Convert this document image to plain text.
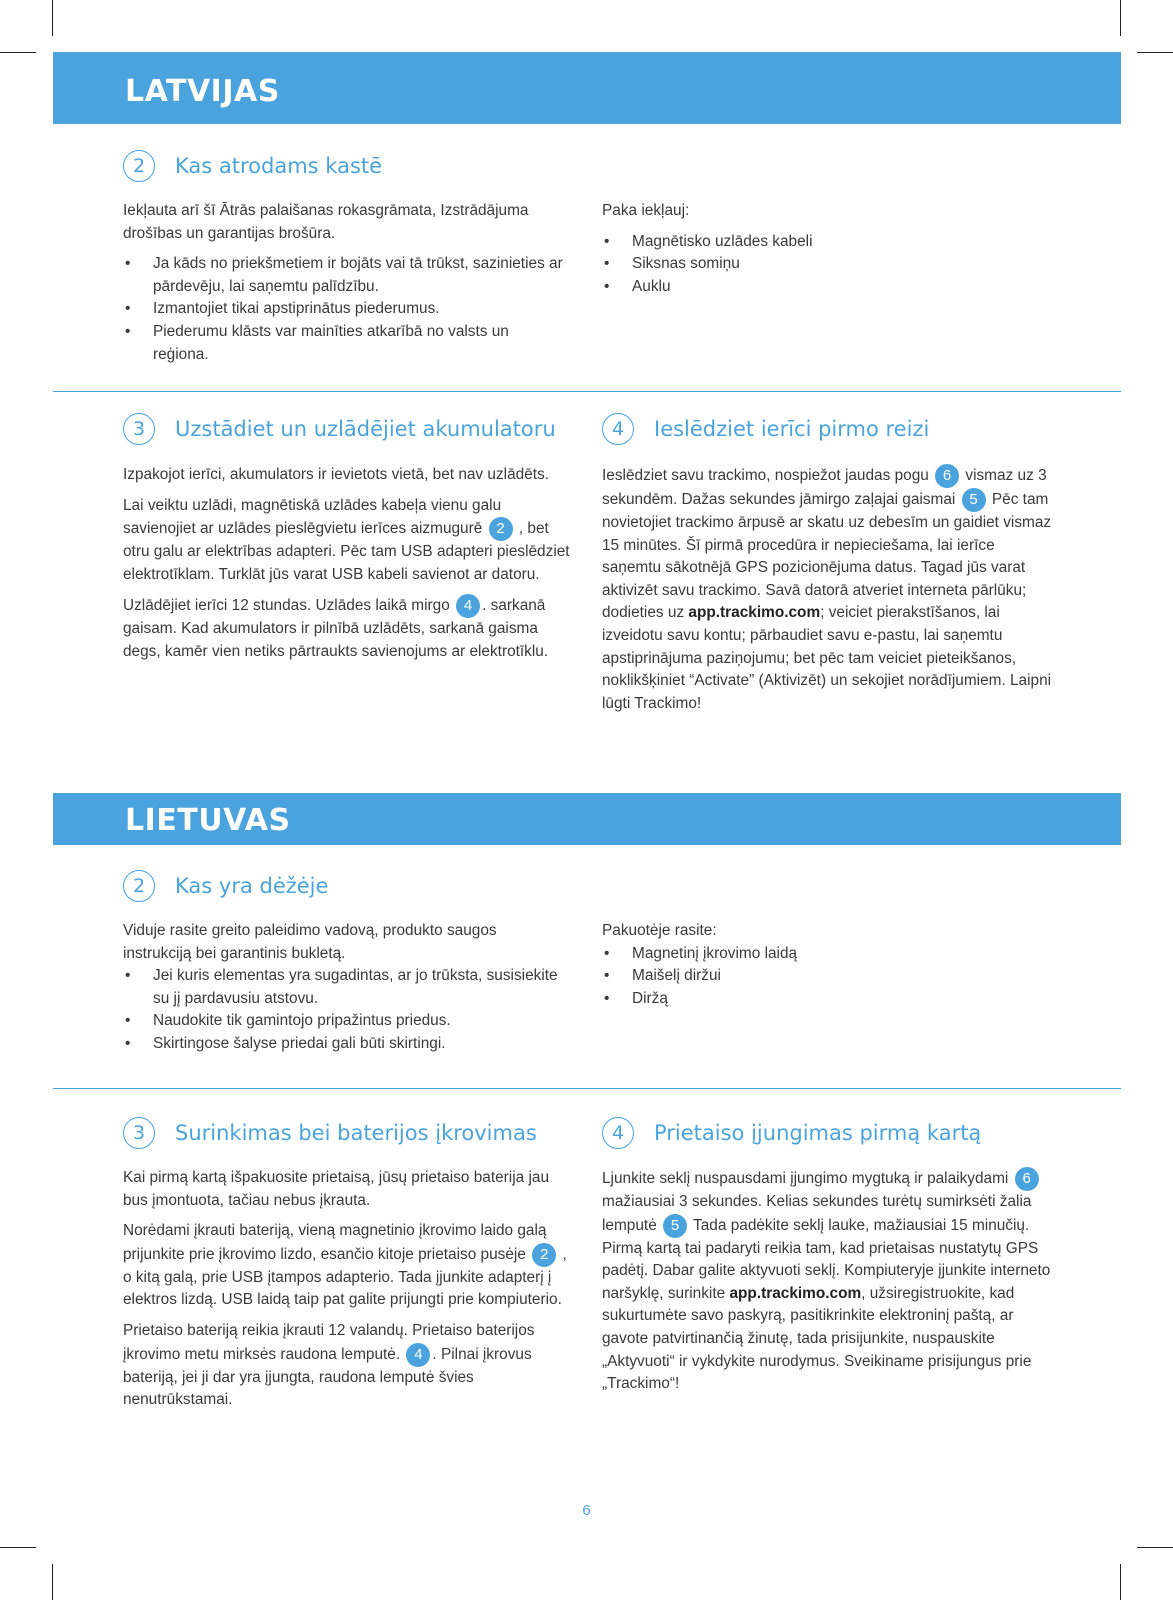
LATVIJAS
2 Kas atrodams kastē

Iekļauta arī šī Ātrās palaišanas rokasgrāmata, Izstrādājuma drošības un garantijas brošūra.

• Ja kāds no priekšmetiem ir bojāts vai tā trūkst, sazinieties ar pārdevēju, lai saņemtu palīdzību.
• Izmantojiet tikai apstiprinātus piederumus.
• Piederumu klāsts var mainīties atkarībā no valsts un reģiona.

Paka iekļauj:

• Magnētisko uzlādes kabeli
• Siksnas somiņu
• Auklu
3 Uzstādiet un uzlādējiet akumulatoru

Izpakojot ierīci, akumulators ir ievietots vietā, bet nav uzlādēts.

Lai veiktu uzlādi, magnētiskā uzlādes kabeļa vienu galu savienojiet ar uzlādes pieslēgvietu ierīces aizmugurē 2 , bet otru galu ar elektrības adapteri. Pēc tam USB adapteri pieslēdziet elektrotīklam. Turklāt jūs varat USB kabeli savienot ar datoru.

Uzlādējiet ierīci 12 stundas. Uzlādes laikā mirgo 4 . sarkanā gaisam. Kad akumulators ir pilnībā uzlādēts, sarkanā gaisma degs, kamēr vien netiks pārtraukts savienojums ar elektrotīklu.

4 Ieslēdziet ierīci pirmo reizi

Ieslēdziet savu trackimo, nospiežot jaudas pogu 6 vismaz uz 3 sekundēm. Dažas sekundes jāmirgo zaļajai gaismai 5 Pēc tam novietojiet trackimo ārpusē ar skatu uz debesīm un gaidiet vismaz 15 minūtes. Šī pirmā procedūra ir nepieciešama, lai ierīce saņemtu sākotnējā GPS pozicionējuma datus. Tagad jūs varat aktivizēt savu trackimo. Savā datorā atveriet interneta pārlūku; dodieties uz app.trackimo.com; veiciet pierakstīšanos, lai izveidotu savu kontu; pārbaudiet savu e-pastu, lai saņemtu apstiprinājuma paziņojumu; bet pēc tam veiciet pieteikšanos, noklikšķiniet “Activate” (Aktivizēt) un sekojiet norādījumiem. Laipni lūgti Trackimo!

LIETUVAS
2 Kas yra dėžėje

Viduje rasite greito paleidimo vadovą, produkto saugos instrukciją bei garantinis bukletą.

• Jei kuris elementas yra sugadintas, ar jo trūksta, susisiekite su jį pardavusiu atstovu.
• Naudokite tik gamintojo pripažintus priedus.
• Skirtingose šalyse priedai gali būti skirtingi.

Pakuotėje rasite:

• Magnetinį įkrovimo laidą
• Maišelį diržui
• Diržą
3 Surinkimas bei baterijos įkrovimas

Kai pirmą kartą išpakuosite prietaisą, jūsų prietaiso baterija jau bus įmontuota, tačiau nebus įkrauta.

Norėdami įkrauti bateriją, vieną magnetinio įkrovimo laido galą prijunkite prie įkrovimo lizdo, esančio kitoje prietaiso pusėje 2 , o kitą galą, prie USB įtampos adapterio. Tada įjunkite adapterį į elektros lizdą. USB laidą taip pat galite prijungti prie kompiuterio.

Prietaiso bateriją reikia įkrauti 12 valandų. Prietaiso baterijos įkrovimo metu mirksės raudona lemputė. 4 . Pilnai įkrovus bateriją, jei ji dar yra įjungta, raudona lemputė švies nenutrūkstamai.

4 Prietaiso įjungimas pirmą kartą

Ljunkite seklį nuspausdami įjungimo mygtuką ir palaikydami 6 mažiausiai 3 sekundes. Kelias sekundes turėtų sumirksėti žalia lemputė 5 Tada padėkite seklį lauke, mažiausiai 15 minučių. Pirmą kartą tai padaryti reikia tam, kad prietaisas nustatytų GPS padėtį. Dabar galite aktyvuoti seklį. Kompiuteryje įjunkite interneto naršyklę, surinkite app.trackimo.com, užsiregistruokite, kad sukurtumėte savo paskyrą, pasitikrinkite elektroninį paštą, ar gavote patvirtinančią žinutę, tada prisijunkite, nuspauskite „Aktyvuoti“ ir vykdykite nurodymus. Sveikiname prisijungus prie „Trackimo“!

6
